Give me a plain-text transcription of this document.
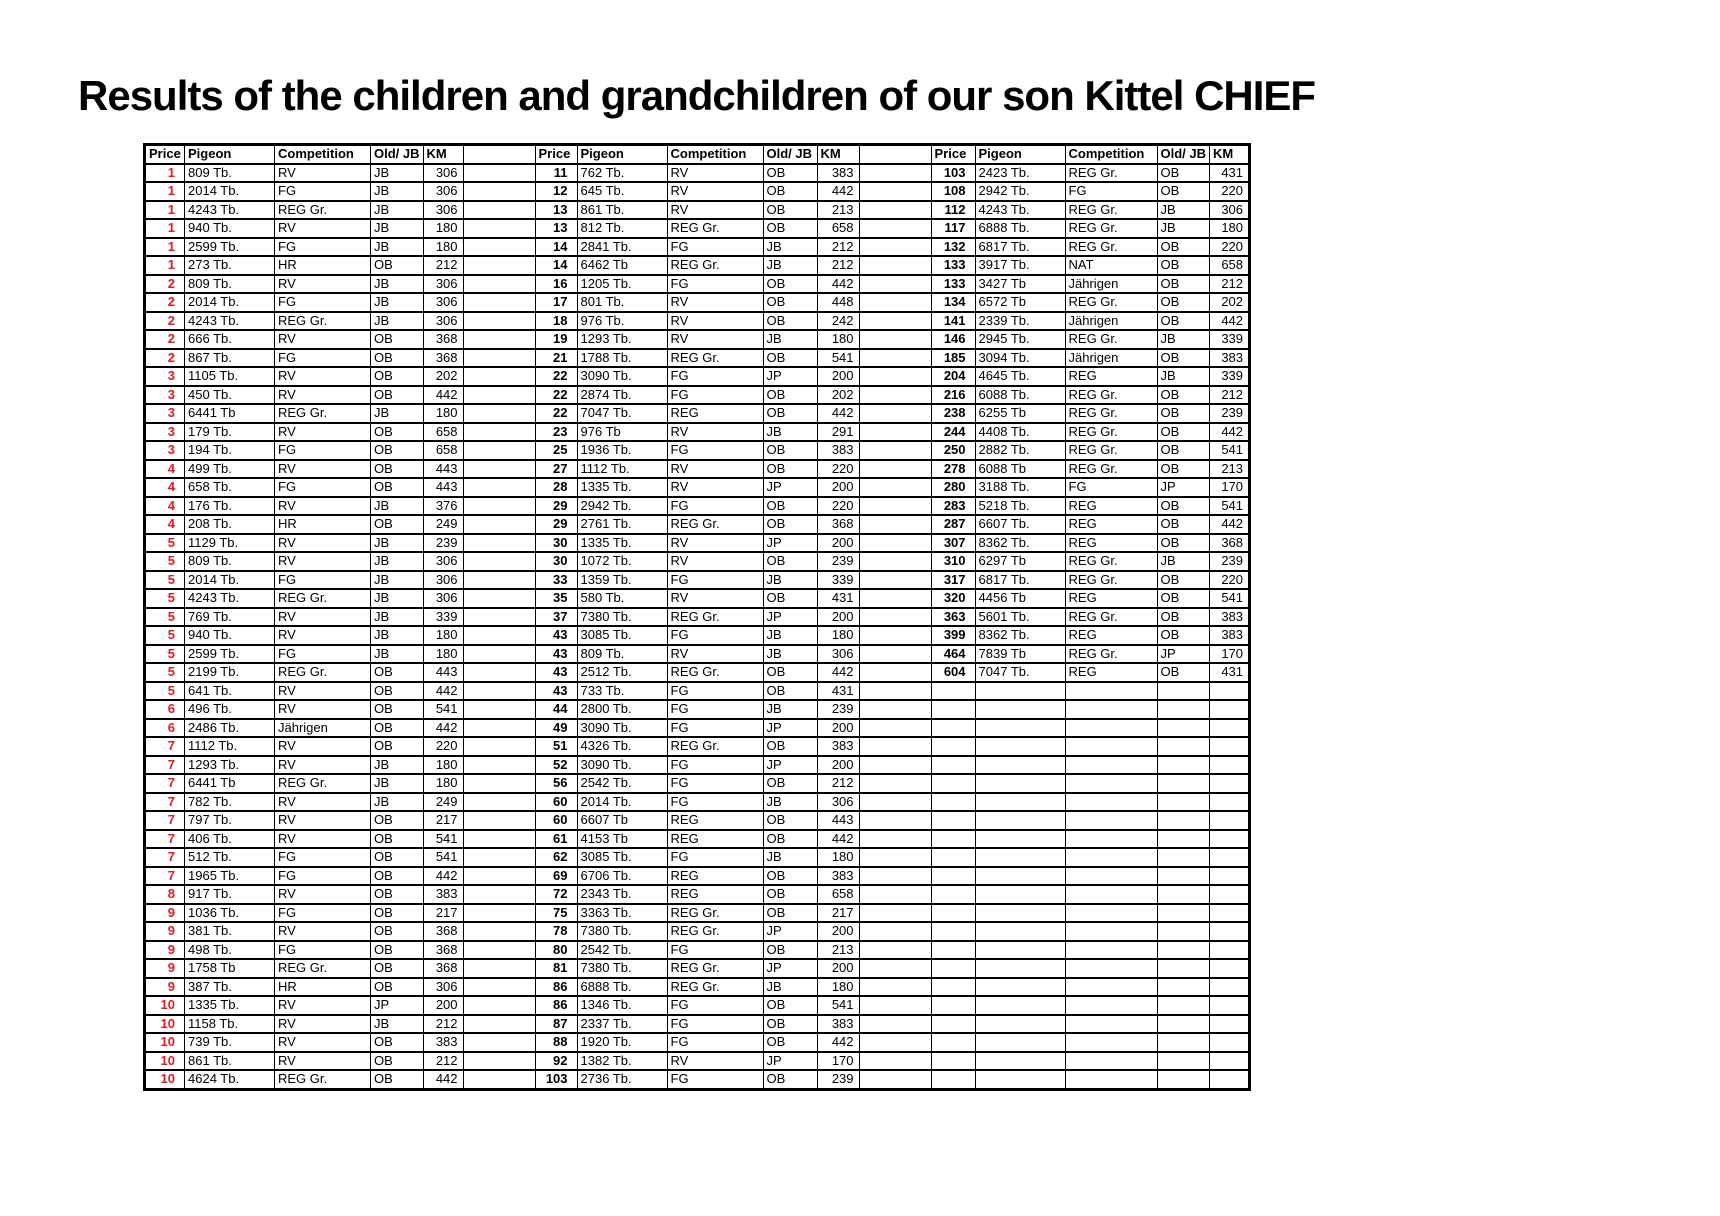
Results of the children and grandchildren of our son Kittel CHIEF
Price	Pigeon	Competition	Old/ JB	KM		Price	Pigeon	Competition	Old/ JB	KM		Price	Pigeon	Competition	Old/ JB	KM
1	809 Tb.	RV	JB	306		11	762 Tb.	RV	OB	383		103	2423 Tb.	REG Gr.	OB	431
1	2014 Tb.	FG	JB	306		12	645 Tb.	RV	OB	442		108	2942 Tb.	FG	OB	220
1	4243 Tb.	REG Gr.	JB	306		13	861 Tb.	RV	OB	213		112	4243 Tb.	REG Gr.	JB	306
1	940 Tb.	RV	JB	180		13	812 Tb.	REG Gr.	OB	658		117	6888 Tb.	REG Gr.	JB	180
1	2599 Tb.	FG	JB	180		14	2841 Tb.	FG	JB	212		132	6817 Tb.	REG Gr.	OB	220
1	273 Tb.	HR	OB	212		14	6462 Tb	REG Gr.	JB	212		133	3917 Tb.	NAT	OB	658
2	809 Tb.	RV	JB	306		16	1205 Tb.	FG	OB	442		133	3427 Tb	Jährigen	OB	212
2	2014 Tb.	FG	JB	306		17	801 Tb.	RV	OB	448		134	6572 Tb	REG Gr.	OB	202
2	4243 Tb.	REG Gr.	JB	306		18	976 Tb.	RV	OB	242		141	2339 Tb.	Jährigen	OB	442
2	666 Tb.	RV	OB	368		19	1293 Tb.	RV	JB	180		146	2945 Tb.	REG Gr.	JB	339
2	867 Tb.	FG	OB	368		21	1788 Tb.	REG Gr.	OB	541		185	3094 Tb.	Jährigen	OB	383
3	1105 Tb.	RV	OB	202		22	3090 Tb.	FG	JP	200		204	4645 Tb.	REG	JB	339
3	450 Tb.	RV	OB	442		22	2874 Tb.	FG	OB	202		216	6088 Tb.	REG Gr.	OB	212
3	6441 Tb	REG Gr.	JB	180		22	7047 Tb.	REG	OB	442		238	6255 Tb	REG Gr.	OB	239
3	179 Tb.	RV	OB	658		23	976 Tb	RV	JB	291		244	4408 Tb.	REG Gr.	OB	442
3	194 Tb.	FG	OB	658		25	1936 Tb.	FG	OB	383		250	2882 Tb.	REG Gr.	OB	541
4	499 Tb.	RV	OB	443		27	1112 Tb.	RV	OB	220		278	6088 Tb	REG Gr.	OB	213
4	658 Tb.	FG	OB	443		28	1335 Tb.	RV	JP	200		280	3188 Tb.	FG	JP	170
4	176 Tb.	RV	JB	376		29	2942 Tb.	FG	OB	220		283	5218 Tb.	REG	OB	541
4	208 Tb.	HR	OB	249		29	2761 Tb.	REG Gr.	OB	368		287	6607 Tb.	REG	OB	442
5	1129 Tb.	RV	JB	239		30	1335 Tb.	RV	JP	200		307	8362 Tb.	REG	OB	368
5	809 Tb.	RV	JB	306		30	1072 Tb.	RV	OB	239		310	6297 Tb	REG Gr.	JB	239
5	2014 Tb.	FG	JB	306		33	1359 Tb.	FG	JB	339		317	6817 Tb.	REG Gr.	OB	220
5	4243 Tb.	REG Gr.	JB	306		35	580 Tb.	RV	OB	431		320	4456 Tb	REG	OB	541
5	769 Tb.	RV	JB	339		37	7380 Tb.	REG Gr.	JP	200		363	5601 Tb.	REG Gr.	OB	383
5	940 Tb.	RV	JB	180		43	3085 Tb.	FG	JB	180		399	8362 Tb.	REG	OB	383
5	2599 Tb.	FG	JB	180		43	809 Tb.	RV	JB	306		464	7839 Tb	REG Gr.	JP	170
5	2199 Tb.	REG Gr.	OB	443		43	2512 Tb.	REG Gr.	OB	442		604	7047 Tb.	REG	OB	431
5	641 Tb.	RV	OB	442		43	733 Tb.	FG	OB	431						
6	496 Tb.	RV	OB	541		44	2800 Tb.	FG	JB	239						
6	2486 Tb.	Jährigen	OB	442		49	3090 Tb.	FG	JP	200						
7	1112 Tb.	RV	OB	220		51	4326 Tb.	REG Gr.	OB	383						
7	1293 Tb.	RV	JB	180		52	3090 Tb.	FG	JP	200						
7	6441 Tb	REG Gr.	JB	180		56	2542 Tb.	FG	OB	212						
7	782 Tb.	RV	JB	249		60	2014 Tb.	FG	JB	306						
7	797 Tb.	RV	OB	217		60	6607 Tb	REG	OB	443						
7	406 Tb.	RV	OB	541		61	4153 Tb	REG	OB	442						
7	512 Tb.	FG	OB	541		62	3085 Tb.	FG	JB	180						
7	1965 Tb.	FG	OB	442		69	6706 Tb.	REG	OB	383						
8	917 Tb.	RV	OB	383		72	2343 Tb.	REG	OB	658						
9	1036 Tb.	FG	OB	217		75	3363 Tb.	REG Gr.	OB	217						
9	381 Tb.	RV	OB	368		78	7380 Tb.	REG Gr.	JP	200						
9	498 Tb.	FG	OB	368		80	2542 Tb.	FG	OB	213						
9	1758 Tb	REG Gr.	OB	368		81	7380 Tb.	REG Gr.	JP	200						
9	387 Tb.	HR	OB	306		86	6888 Tb.	REG Gr.	JB	180						
10	1335 Tb.	RV	JP	200		86	1346 Tb.	FG	OB	541						
10	1158 Tb.	RV	JB	212		87	2337 Tb.	FG	OB	383						
10	739 Tb.	RV	OB	383		88	1920 Tb.	FG	OB	442						
10	861 Tb.	RV	OB	212		92	1382 Tb.	RV	JP	170						
10	4624 Tb.	REG Gr.	OB	442		103	2736 Tb.	FG	OB	239						
